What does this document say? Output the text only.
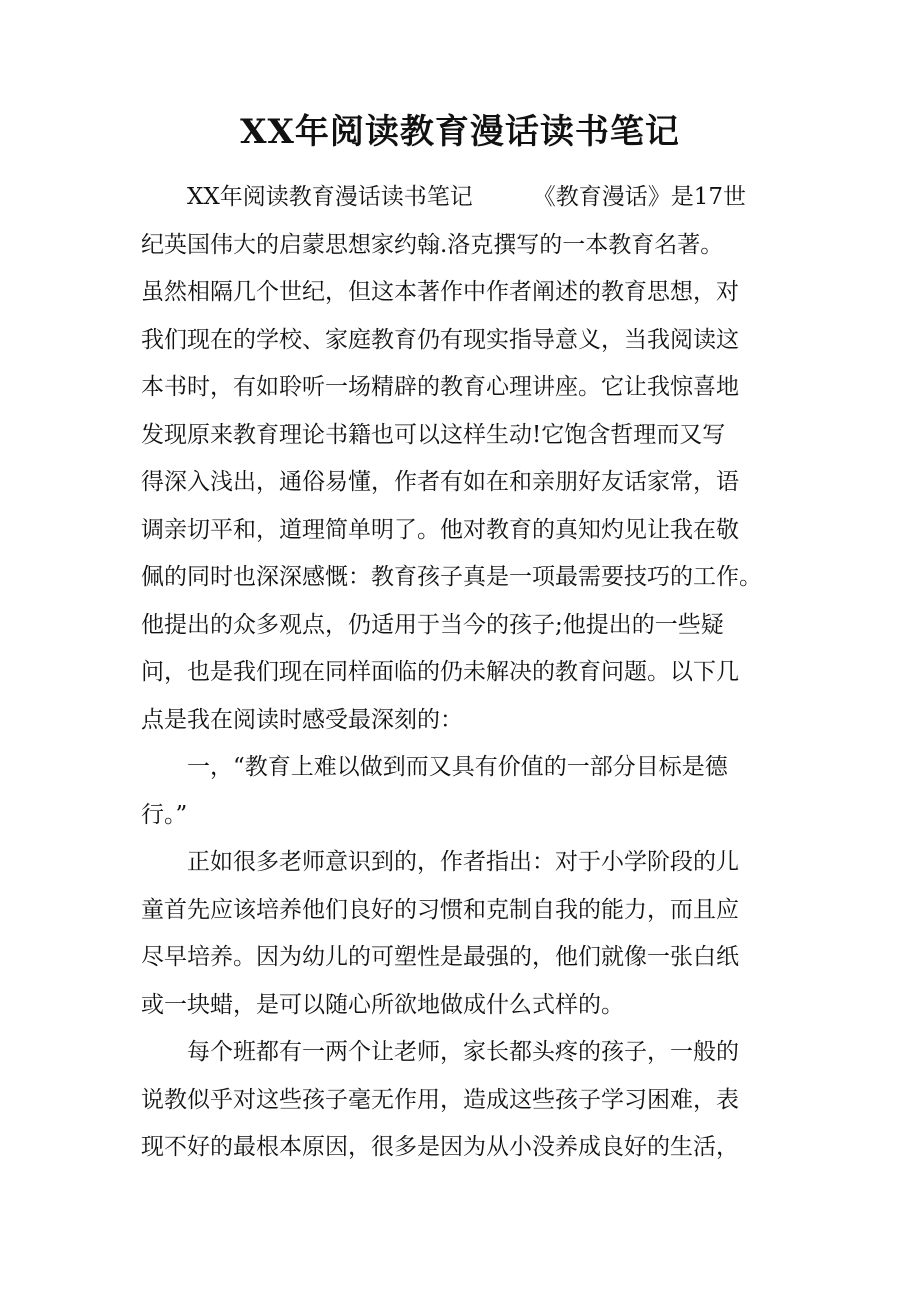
XX年阅读教育漫话读书笔记
XX年阅读教育漫话读书笔记	《教育漫话》是17世
纪英国伟大的启蒙思想家约翰.洛克撰写的一本教育名著。
虽然相隔几个世纪，但这本著作中作者阐述的教育思想，对
我们现在的学校、家庭教育仍有现实指导意义，当我阅读这
本书时，有如聆听一场精辟的教育心理讲座。它让我惊喜地
发现原来教育理论书籍也可以这样生动!它饱含哲理而又写
得深入浅出，通俗易懂，作者有如在和亲朋好友话家常，语
调亲切平和，道理简单明了。他对教育的真知灼见让我在敬
佩的同时也深深感慨：教育孩子真是一项最需要技巧的工作。
他提出的众多观点，仍适用于当今的孩子;他提出的一些疑
问，也是我们现在同样面临的仍未解决的教育问题。以下几
点是我在阅读时感受最深刻的：
一，“教育上难以做到而又具有价值的一部分目标是德
行。”
正如很多老师意识到的，作者指出：对于小学阶段的儿
童首先应该培养他们良好的习惯和克制自我的能力，而且应
尽早培养。因为幼儿的可塑性是最强的，他们就像一张白纸
或一块蜡，是可以随心所欲地做成什么式样的。
每个班都有一两个让老师，家长都头疼的孩子，一般的
说教似乎对这些孩子毫无作用，造成这些孩子学习困难，表
现不好的最根本原因，很多是因为从小没养成良好的生活，
